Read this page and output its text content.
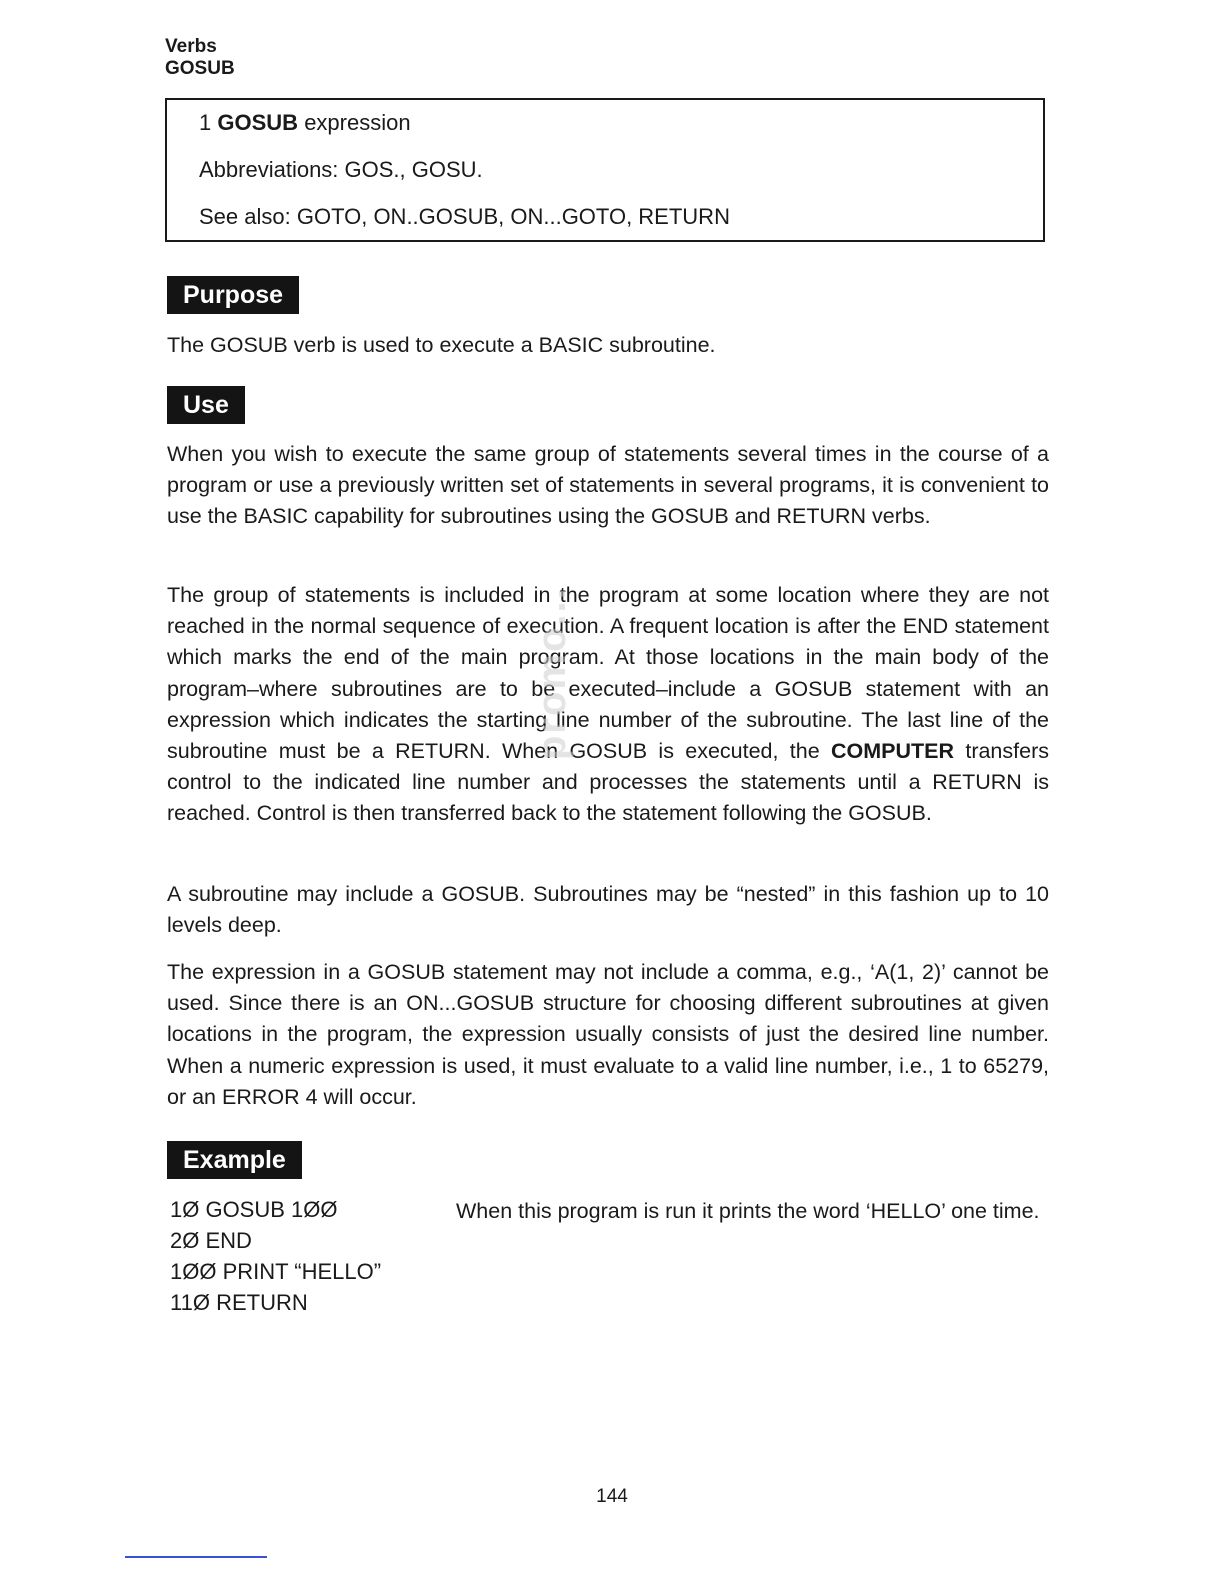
Verbs
GOSUB
1 GOSUB expression
Abbreviations: GOS., GOSU.
See also: GOTO, ON..GOSUB, ON...GOTO, RETURN
Purpose

The GOSUB verb is used to execute a BASIC subroutine.

Use

When you wish to execute the same group of statements several times in the course of a program or use a previously written set of statements in several programs, it is convenient to use the BASIC capability for subroutines using the GOSUB and RETURN verbs.

The group of statements is included in the program at some location where they are not reached in the normal sequence of execution. A frequent location is after the END statement which marks the end of the main program. At those locations in the main body of the program–where subroutines are to be executed–include a GOSUB statement with an expression which indicates the starting line number of the subroutine. The last line of the subroutine must be a RETURN. When GOSUB is executed, the COMPUTER transfers control to the indicated line number and processes the statements until a RETURN is reached. Control is then transferred back to the statement following the GOSUB.

A subroutine may include a GOSUB. Subroutines may be “nested” in this fashion up to 10 levels deep.

The expression in a GOSUB statement may not include a comma, e.g., ‘A(1, 2)’ cannot be used. Since there is an ON...GOSUB structure for choosing different subroutines at given locations in the program, the expression usually consists of just the desired line number. When a numeric expression is used, it must evaluate to a valid line number, i.e., 1 to 65279, or an ERROR 4 will occur.

Example
1Ø GOSUB 1ØØ
2Ø END
1ØØ PRINT “HELLO”
11Ø RETURN

When this program is run it prints the word ‘HELLO’ one time.

144
promo...
